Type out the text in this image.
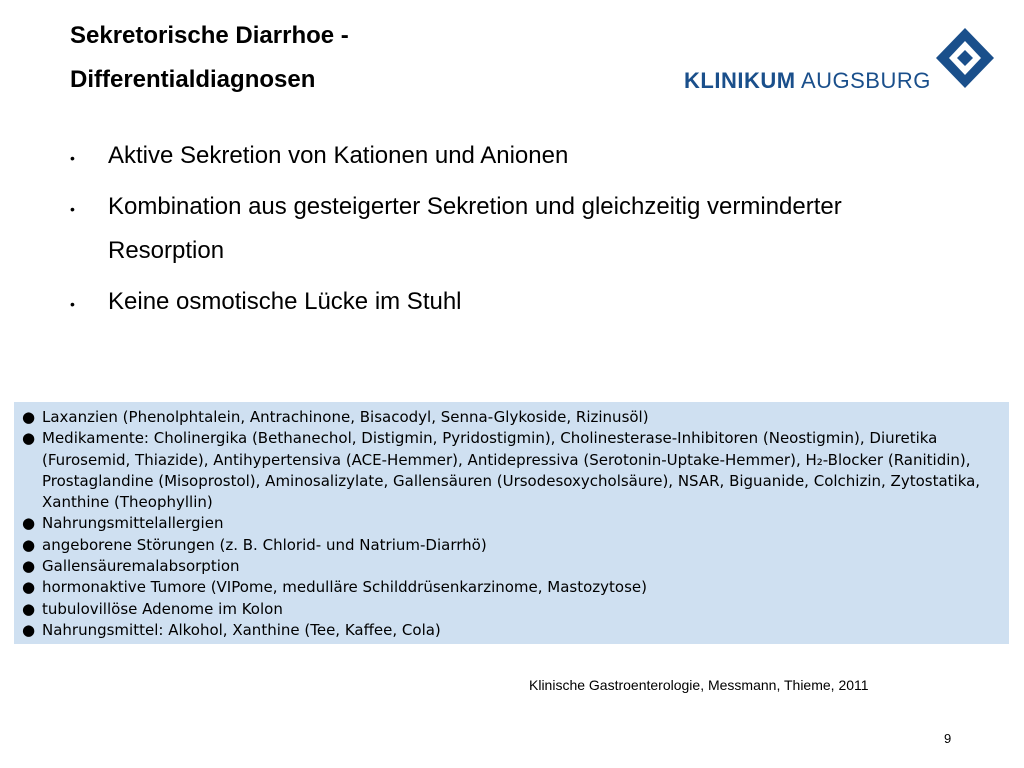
Sekretorische Diarrhoe -
Differentialdiagnosen	KLINIKUM AUGSBURG
• Aktive Sekretion von Kationen und Anionen
• Kombination aus gesteigerter Sekretion und gleichzeitig verminderter Resorption
• Keine osmotische Lücke im Stuhl
● Laxanzien (Phenolphtalein, Antrachinone, Bisacodyl, Senna-Glykoside, Rizinusöl)
● Medikamente: Cholinergika (Bethanechol, Distigmin, Pyridostigmin), Cholinesterase-Inhibitoren (Neostigmin), Diuretika (Furosemid, Thiazide), Antihypertensiva (ACE-Hemmer), Antidepressiva (Serotonin-Uptake-Hemmer), H₂-Blocker (Ranitidin), Prostaglandine (Misoprostol), Aminosalizylate, Gallensäuren (Ursodesoxycholsäure), NSAR, Biguanide, Colchizin, Zytostatika, Xanthine (Theophyllin)
● Nahrungsmittelallergien
● angeborene Störungen (z. B. Chlorid- und Natrium-Diarrhö)
● Gallensäuremalabsorption
● hormonaktive Tumore (VIPome, medulläre Schilddrüsenkarzinome, Mastozytose)
● tubulovillöse Adenome im Kolon
● Nahrungsmittel: Alkohol, Xanthine (Tee, Kaffee, Cola)
Klinische Gastroenterologie, Messmann, Thieme, 2011
9
